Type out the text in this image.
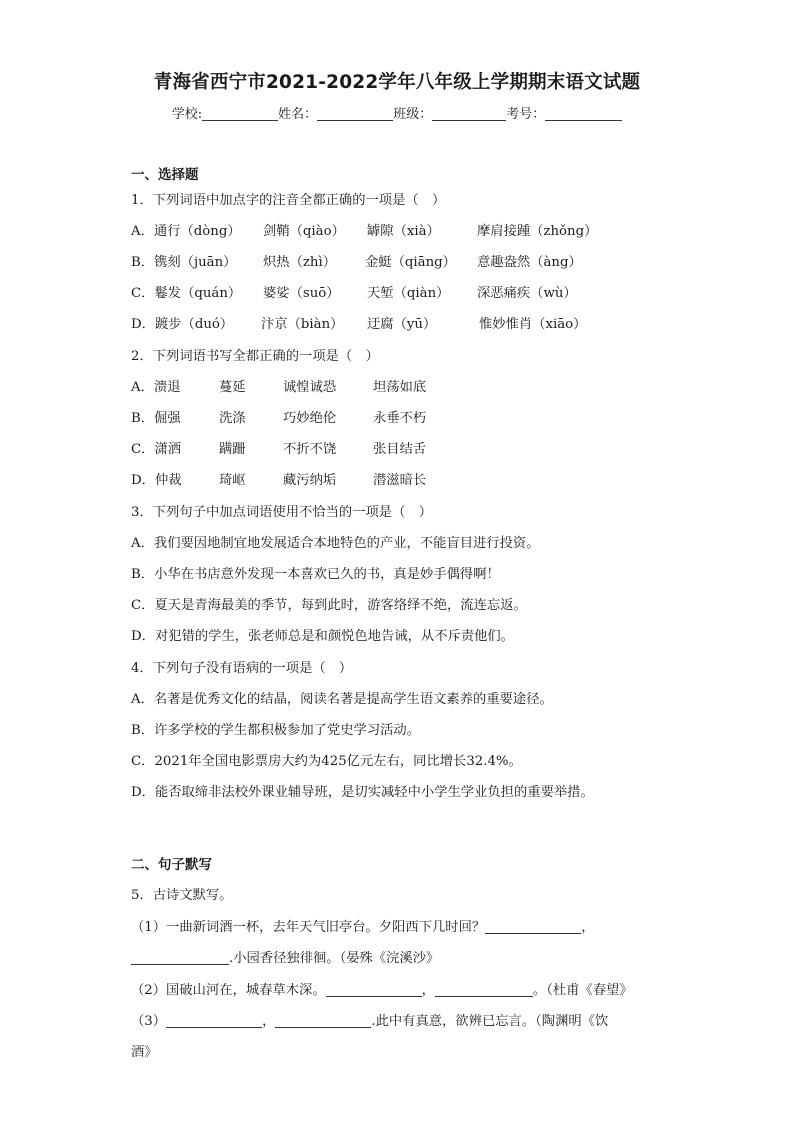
青海省西宁市2021-2022学年八年级上学期期末语文试题
学校:	姓名：	班级：	考号：
一、选择题
1．下列词语中加点字的注音全都正确的一项是（　）
A．通行（dòng） 剑鞘（qiào） 罅隙（xià）	摩肩接踵（zhǒng）
B．镌刻（juān） 炽热（zhì） 金蜓（qiāng） 意趣盎然（àng）
C．鬈发（quán） 婆娑（suō） 天堑（qiàn） 深恶痛疾（wù）
D．踱步（duó） 汴京（biàn） 迂腐（yū）	惟妙惟肖（xiāo）
2．下列词语书写全都正确的一项是（　）
A．溃退	蔓延	诚惶诚恐	坦荡如底
B．倔强	洗涤	巧妙绝伦	永垂不朽
C．潇洒	蹒跚	不折不饶	张目结舌
D．仲裁	琦岖	藏污纳垢	潜滋暗长
3．下列句子中加点词语使用不恰当的一项是（　）
A．我们要因地制宜地发展适合本地特色的产业，不能盲目进行投资。
B．小华在书店意外发现一本喜欢已久的书，真是妙手偶得啊！
C．夏天是青海最美的季节，每到此时，游客络绎不绝，流连忘返。
D．对犯错的学生，张老师总是和颜悦色地告诫，从不斥责他们。
4．下列句子没有语病的一项是（　）
A．名著是优秀文化的结晶，阅读名著是提高学生语文素养的重要途径。
B．许多学校的学生都积极参加了党史学习活动。
C．2021年全国电影票房大约为425亿元左右，同比增长32.4%。
D．能否取缔非法校外课业辅导班，是切实减轻中小学生学业负担的重要举措。
二、句子默写
5．古诗文默写。
（1）一曲新词酒一杯，去年天气旧亭台。夕阳西下几时回？	，
.小园香径独徘徊。（晏殊《浣溪沙》
（2）国破山河在，城春草木深。	，	。（杜甫《春望》
（3）	，	.此中有真意，欲辨已忘言。（陶渊明《饮
酒》
